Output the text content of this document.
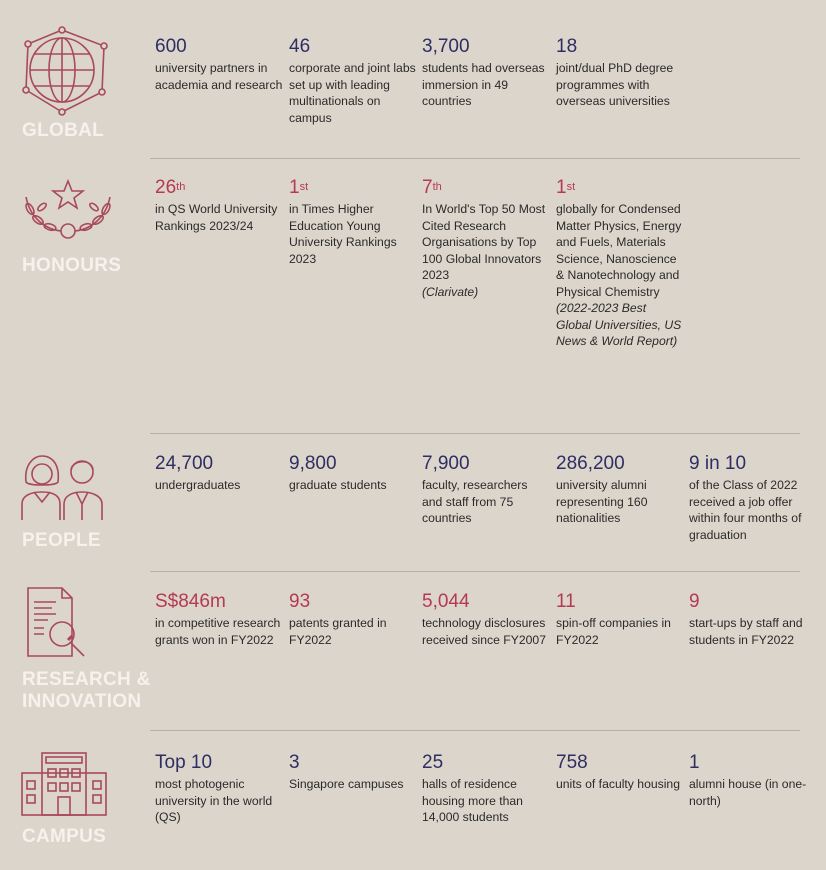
GLOBAL
600
university partners in academia and research
46
corporate and joint labs set up with leading multinationals on campus
3,700
students had overseas immersion in 49 countries
18
joint/dual PhD degree programmes with overseas universities
HONOURS
26th
in QS World University Rankings 2023/24
1st
in Times Higher Education Young University Rankings 2023
7th
In World's Top 50 Most Cited Research Organisations by Top 100 Global Innovators 2023
(Clarivate)
1st
globally for Condensed Matter Physics, Energy and Fuels, Materials Science, Nanoscience & Nanotechnology and Physical Chemistry
(2022-2023 Best Global Universities, US News & World Report)
PEOPLE
24,700
undergraduates
9,800
graduate students
7,900
faculty, researchers and staff from 75 countries
286,200
university alumni representing 160 nationalities
9 in 10
of the Class of 2022 received a job offer within four months of graduation
RESEARCH &
INNOVATION
S$846m
in competitive research grants won in FY2022
93
patents granted in FY2022
5,044
technology disclosures received since FY2007
11
spin-off companies in FY2022
9
start-ups by staff and students in FY2022
CAMPUS
Top 10
most photogenic university in the world (QS)
3
Singapore campuses
25
halls of residence housing more than 14,000 students
758
units of faculty housing
1
alumni house (in one-north)
